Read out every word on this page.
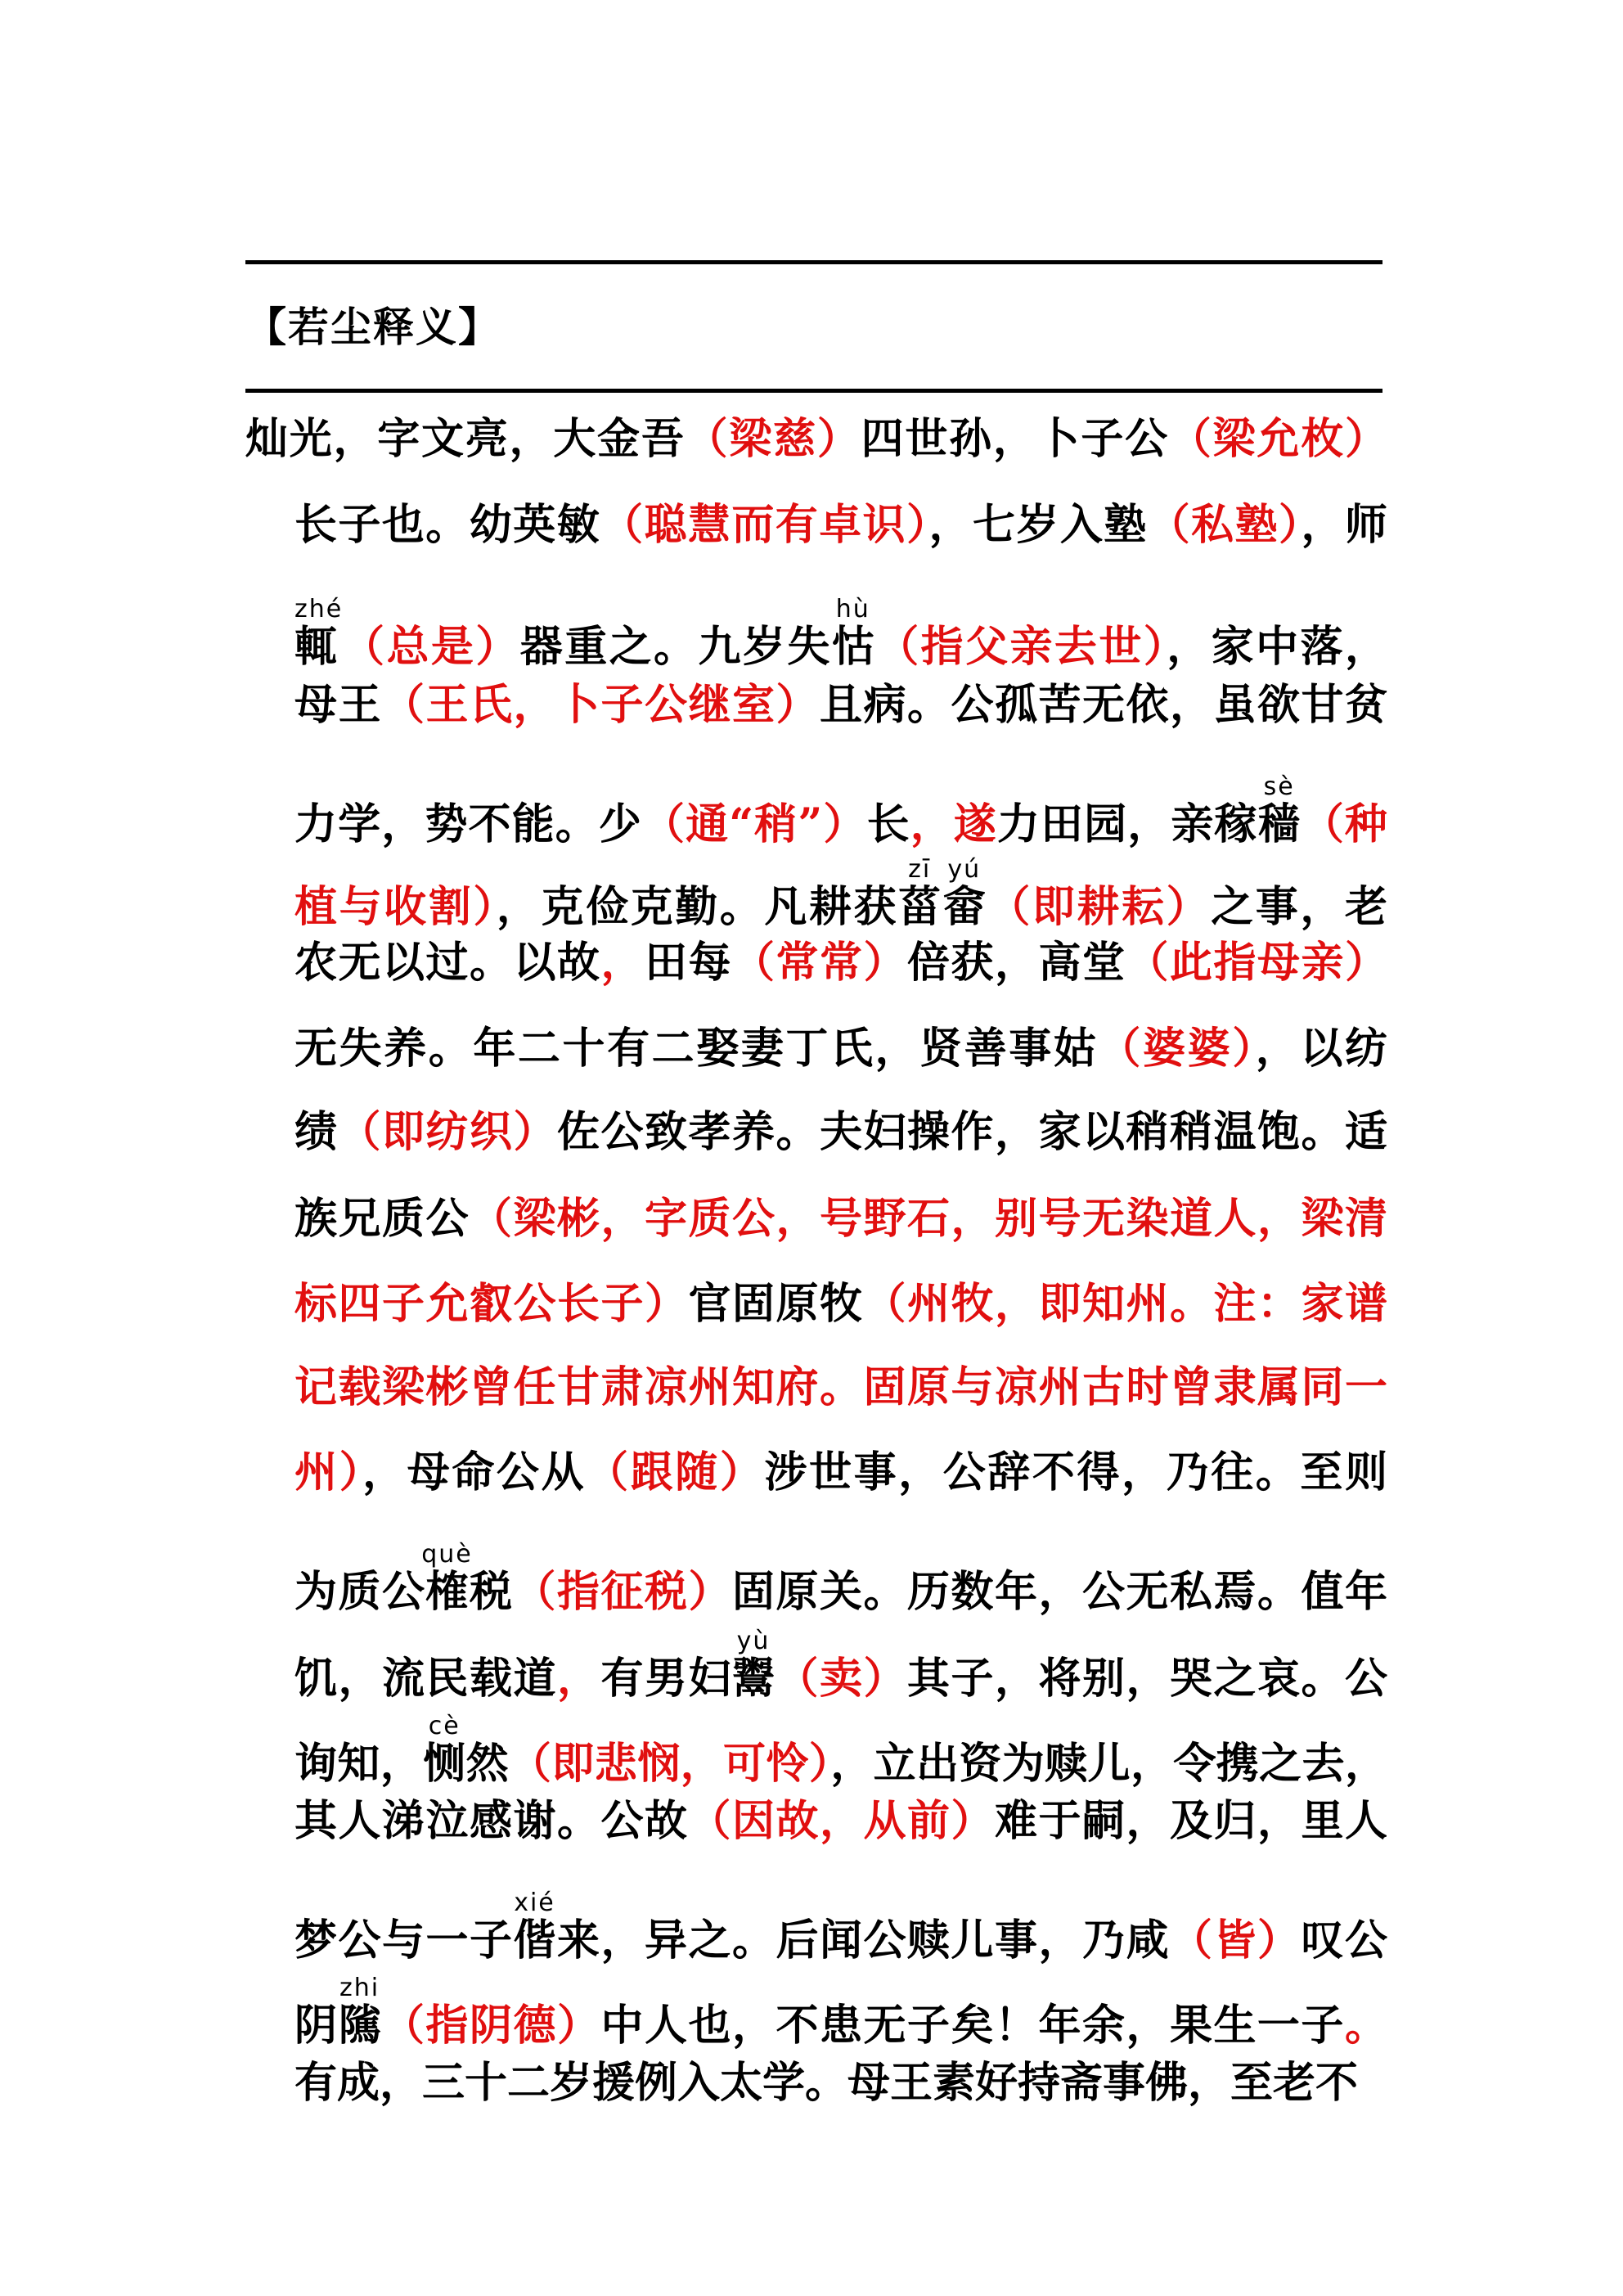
【若尘释义】
灿光，字文亮，大金吾（梁慈）四世孙，卜子公（梁允枚）
长子也。幼英敏（聪慧而有卓识），七岁入塾（私塾），师
輒zhé（总是）器重之。九岁失怙hù（指父亲去世），家中落，
母王（王氏，卜子公继室）且病。公孤苦无依，虽欲甘贫
力学，势不能。少（通“稍”）长，遂力田园，亲稼穑sè（种
植与收割），克俭克勤。凡耕获菑zī畲yú（即耕耘）之事，老
农无以过。以故，田每（常常）倍获，高堂（此指母亲）
无失养。年二十有二娶妻丁氏，贤善事姑（婆婆），以纺
绩（即纺织）佐公致孝养。夫妇操作，家以稍稍温饱。适
族兄质公（梁彬，字质公，号野石，别号无染道人，梁清
标四子允叡公长子）官固原牧（州牧，即知州。注：家谱
记载梁彬曾任甘肃凉州知府。固原与凉州古时曾隶属同一
州），母命公从（跟随）涉世事，公辞不得，乃往。至则
为质公榷què税（指征税）固原关。历数年，公无私焉。值年
饥，流民载道，有男妇鬻yù（卖）其子，将别，哭之哀。公
询知，恻cè然（即悲悯，可怜），立出资为赎儿，令携之去，
其人涕泣感谢。公故（因故，从前）难于嗣，及归，里人
梦公与一子偕xié来，异之。后闻公赎儿事，乃咸（皆）叹公
阴隲zhi（指阴德）中人也，不患无子矣！年余，果生一子。
有成，三十二岁援例入太学。母王素好持斋事佛，至老不
